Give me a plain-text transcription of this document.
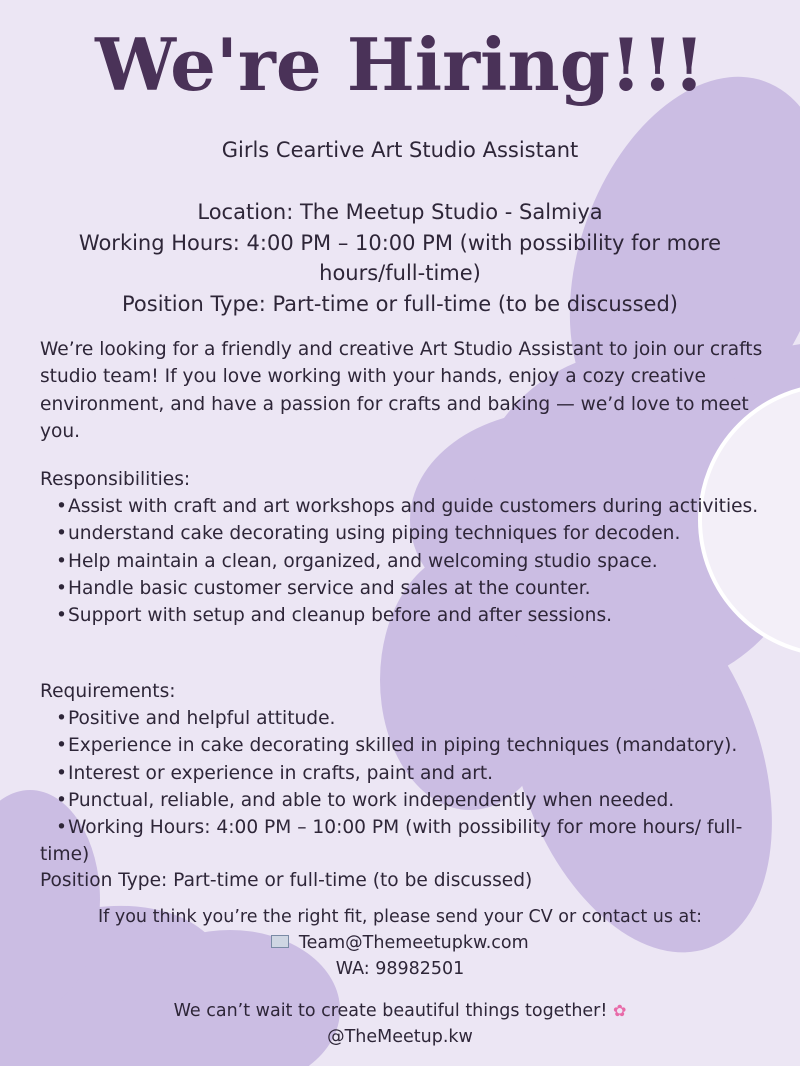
We're Hiring!!!
Girls Ceartive Art Studio Assistant
Location: The Meetup Studio - Salmiya
Working Hours: 4:00 PM – 10:00 PM (with possibility for more hours/full-time)
Position Type: Part-time or full-time (to be discussed)
We’re looking for a friendly and creative Art Studio Assistant to join our crafts studio team! If you love working with your hands, enjoy a cozy creative environment, and have a passion for crafts and baking — we’d love to meet you.
Responsibilities:
• Assist with craft and art workshops and guide customers during activities.
• understand cake decorating using piping techniques for decoden.
• Help maintain a clean, organized, and welcoming studio space.
• Handle basic customer service and sales at the counter.
• Support with setup and cleanup before and after sessions.
Requirements:
• Positive and helpful attitude.
• Experience in cake decorating skilled in piping techniques (mandatory).
• Interest or experience in crafts, paint and art.
• Punctual, reliable, and able to work independently when needed.
• Working Hours: 4:00 PM – 10:00 PM (with possibility for more hours/ full-time)
Position Type: Part-time or full-time (to be discussed)
If you think you’re the right fit, please send your CV or contact us at:
Team@Themeetupkw.com
WA: 98982501
We can’t wait to create beautiful things together! ✿
@TheMeetup.kw
